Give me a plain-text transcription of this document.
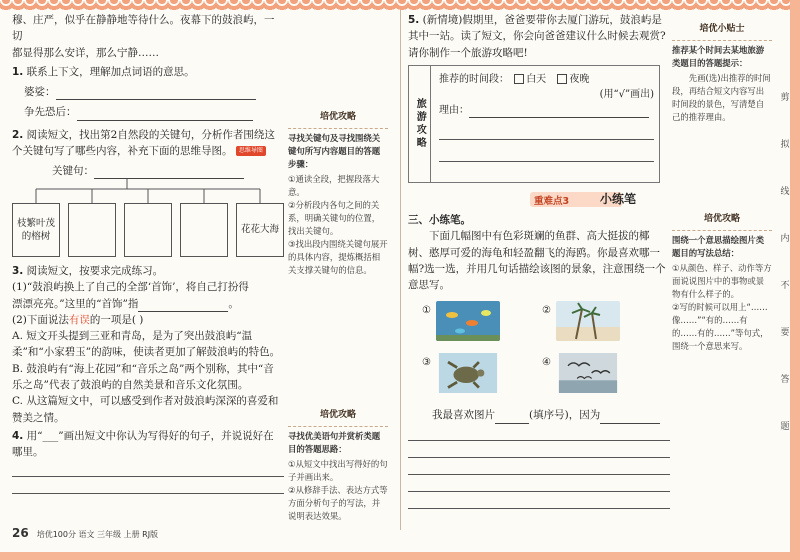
穆、庄严，似乎在静静地等待什么。夜幕下的鼓浪屿，一切
都显得那么安详，那么宁静……
1. 联系上下文，理解加点词语的意思。
婆娑：
争先恐后：
2. 阅读短文，找出第2自然段的关键句，分析作者围绕这个关键句写了哪些内容，补充下面的思维导图。 思维导图
关键句：
枝繁叶茂的榕树
花花大海
3. 阅读短文，按要求完成练习。
(1)“鼓浪屿换上了自己的全部‘首饰’，将自己打扮得
漂漂亮亮。”这里的“首饰”指	。
(2)下面说法有误的一项是( )
A. 短文开头提到三亚和青岛，是为了突出鼓浪屿“温柔”和“小家碧玉”的韵味，使读者更加了解鼓浪屿的特色。
B. 鼓浪屿有“海上花园”和“音乐之岛”两个别称，其中“音乐之岛”代表了鼓浪屿的自然美景和音乐文化氛围。
C. 从这篇短文中，可以感受到作者对鼓浪屿深深的喜爱和赞美之情。
4. 用“___”画出短文中你认为写得好的句子，并说说好在哪里。
培优攻略
寻找关键句及寻找围绕关键句所写内容题目的答题步骤：
①通读全段，把握段落大意。
②分析段内各句之间的关系，明确关键句的位置，找出关键句。
③找出段内围绕关键句展开的具体内容，提炼概括相关支撑关键句的信息。
培优攻略
寻找优美语句并赏析类题目的答题思路：
①从短文中找出写得好的句子并画出来。
②从修辞手法、表达方式等方面分析句子的写法，并说明表达效果。
5. (新情境)假期里，爸爸要带你去厦门游玩，鼓浪屿是其中一站。读了短文，你会向爸爸建议什么时候去观赏?请你制作一个旅游攻略吧!
旅游攻略
推荐的时间段： 白天 夜晚
(用“√”画出)
理由：
重难点3	小练笔
三、小练笔。
下面几幅图中有色彩斑斓的鱼群、高大挺拔的椰树、憨厚可爱的海龟和轻盈翻飞的海鸥。你最喜欢哪一幅?选一选，并用几句话描绘该图的景象，注意围绕一个意思写。
①	②
③	④
我最喜欢图片	(填序号)，因为
培优小贴士
推荐某个时间去某地旅游类题目的答题提示：
先画(选)出推荐的时间段，再结合短文内容写出时间段的景色，写清楚自己的推荐理由。
培优攻略
围绕一个意思描绘图片类题目的写法总结：
①从颜色、样子、动作等方面说说图片中的事物或景物有什么样子的。
②写的时候可以用上“……像……”“有的……有的……有的……”等句式，围绕一个意思来写。
剪
拟
线
内
不
要
答
题
26 培优100分 语文 三年级 上册 RJ版
